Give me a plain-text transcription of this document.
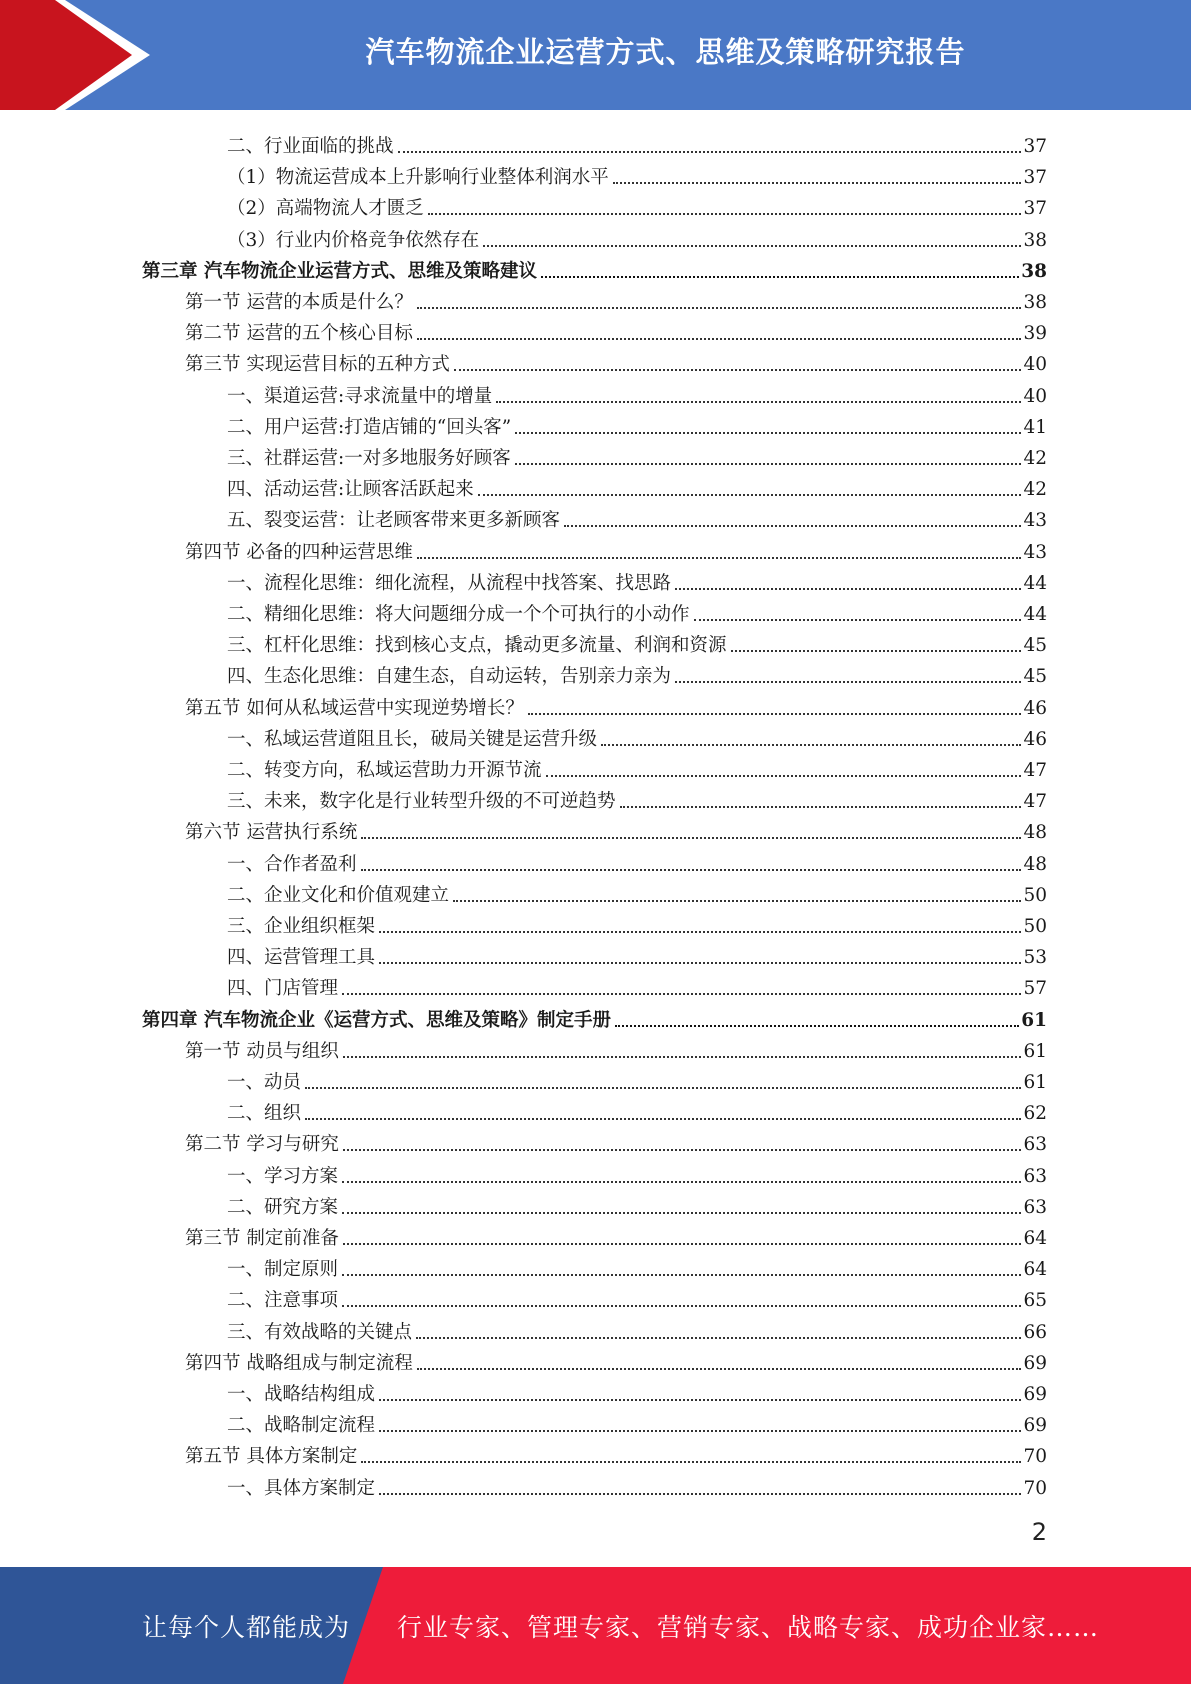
汽车物流企业运营方式、思维及策略研究报告
二、行业面临的挑战	37
（1）物流运营成本上升影响行业整体利润水平	37
（2）高端物流人才匮乏	37
（3）行业内价格竞争依然存在	38
第三章 汽车物流企业运营方式、思维及策略建议	38
第一节 运营的本质是什么？	38
第二节 运营的五个核心目标	39
第三节 实现运营目标的五种方式	40
一、渠道运营:寻求流量中的增量	40
二、用户运营:打造店铺的“回头客”	41
三、社群运营:一对多地服务好顾客	42
四、活动运营:让顾客活跃起来	42
五、裂变运营：让老顾客带来更多新顾客	43
第四节 必备的四种运营思维	43
一、流程化思维：细化流程，从流程中找答案、找思路	44
二、精细化思维：将大问题细分成一个个可执行的小动作	44
三、杠杆化思维：找到核心支点，撬动更多流量、利润和资源	45
四、生态化思维：自建生态，自动运转，告别亲力亲为	45
第五节 如何从私域运营中实现逆势增长？	46
一、私域运营道阻且长，破局关键是运营升级	46
二、转变方向，私域运营助力开源节流	47
三、未来，数字化是行业转型升级的不可逆趋势	47
第六节 运营执行系统	48
一、合作者盈利	48
二、企业文化和价值观建立	50
三、企业组织框架	50
四、运营管理工具	53
四、门店管理	57
第四章 汽车物流企业《运营方式、思维及策略》制定手册	61
第一节 动员与组织	61
一、动员	61
二、组织	62
第二节 学习与研究	63
一、学习方案	63
二、研究方案	63
第三节 制定前准备	64
一、制定原则	64
二、注意事项	65
三、有效战略的关键点	66
第四节 战略组成与制定流程	69
一、战略结构组成	69
二、战略制定流程	69
第五节 具体方案制定	70
一、具体方案制定	70
2
让每个人都能成为 行业专家、管理专家、营销专家、战略专家、成功企业家……
